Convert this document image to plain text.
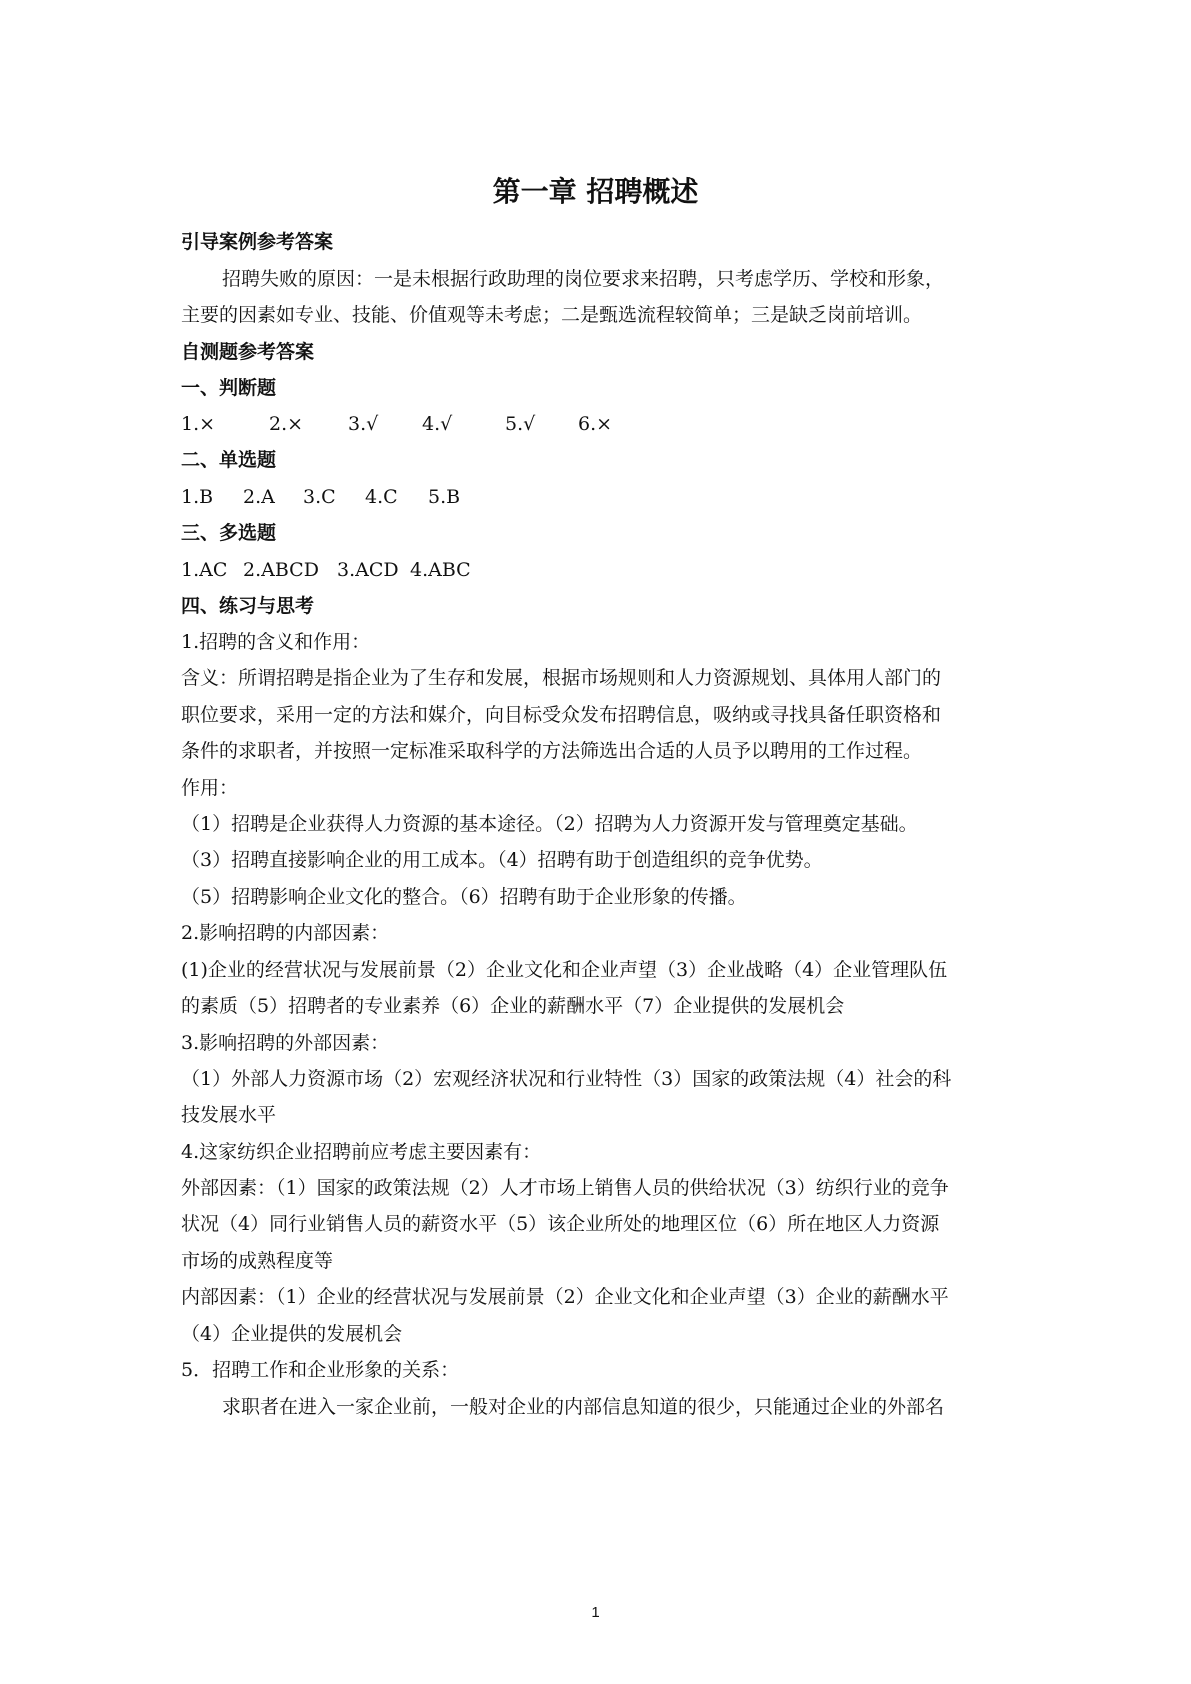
第一章 招聘概述
引导案例参考答案
招聘失败的原因：一是未根据行政助理的岗位要求来招聘，只考虑学历、学校和形象，
主要的因素如专业、技能、价值观等未考虑；二是甄选流程较简单；三是缺乏岗前培训。
自测题参考答案
一、判断题
1.×	2.×	3.√	4.√	5.√	6.×
二、单选题
1.B	2.A	3.C	4.C	5.B
三、多选题
1.AC 2.ABCD 3.ACD 4.ABC
四、练习与思考
1.招聘的含义和作用：
含义：所谓招聘是指企业为了生存和发展，根据市场规则和人力资源规划、具体用人部门的
职位要求，采用一定的方法和媒介，向目标受众发布招聘信息，吸纳或寻找具备任职资格和
条件的求职者，并按照一定标准采取科学的方法筛选出合适的人员予以聘用的工作过程。
作用：
（1）招聘是企业获得人力资源的基本途径。（2）招聘为人力资源开发与管理奠定基础。
（3）招聘直接影响企业的用工成本。（4）招聘有助于创造组织的竞争优势。
（5）招聘影响企业文化的整合。（6）招聘有助于企业形象的传播。
2.影响招聘的内部因素：
(1)企业的经营状况与发展前景（2）企业文化和企业声望（3）企业战略（4）企业管理队伍
的素质（5）招聘者的专业素养（6）企业的薪酬水平（7）企业提供的发展机会
3.影响招聘的外部因素：
（1）外部人力资源市场（2）宏观经济状况和行业特性（3）国家的政策法规（4）社会的科
技发展水平
4.这家纺织企业招聘前应考虑主要因素有：
外部因素：（1）国家的政策法规（2）人才市场上销售人员的供给状况（3）纺织行业的竞争
状况（4）同行业销售人员的薪资水平（5）该企业所处的地理区位（6）所在地区人力资源
市场的成熟程度等
内部因素：（1）企业的经营状况与发展前景（2）企业文化和企业声望（3）企业的薪酬水平
（4）企业提供的发展机会
5．招聘工作和企业形象的关系：
求职者在进入一家企业前，一般对企业的内部信息知道的很少，只能通过企业的外部名
1
